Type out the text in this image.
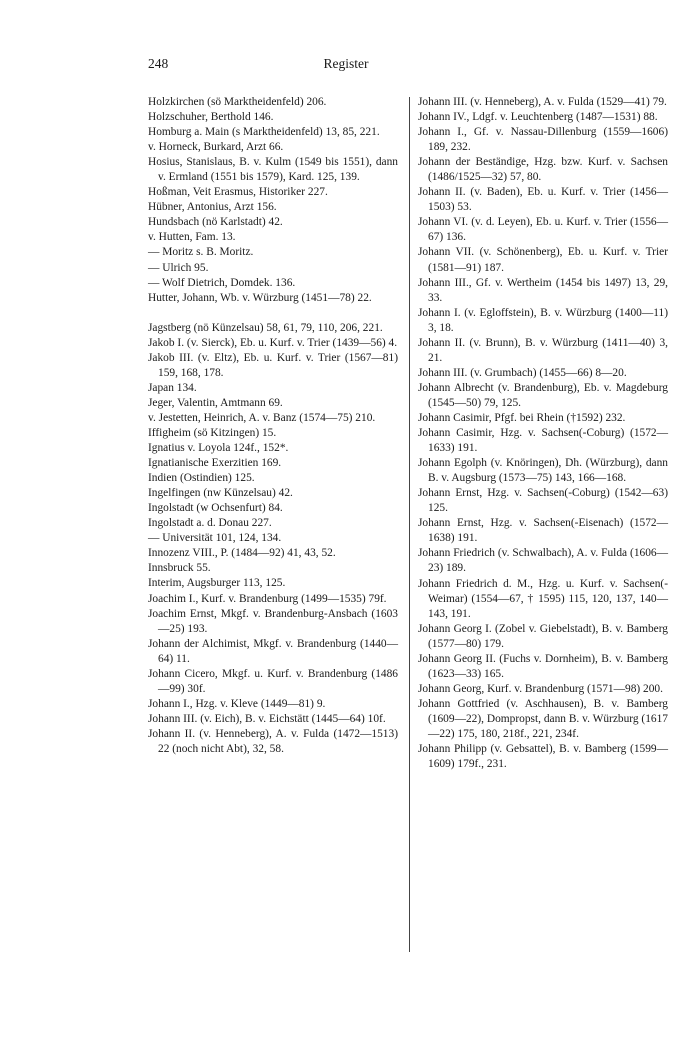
248	Register

Holzkirchen (sö Marktheidenfeld) 206.

Holzschuher, Berthold 146.

Homburg a. Main (s Marktheidenfeld) 13, 85, 221.

v. Horneck, Burkard, Arzt 66.

Hosius, Stanislaus, B. v. Kulm (1549 bis 1551), dann v. Ermland (1551 bis 1579), Kard. 125, 139.

Hoßman, Veit Erasmus, Historiker 227.

Hübner, Antonius, Arzt 156.

Hundsbach (nö Karlstadt) 42.

v. Hutten, Fam. 13.

— Moritz s. B. Moritz.

— Ulrich 95.

— Wolf Dietrich, Domdek. 136.

Hutter, Johann, Wb. v. Würzburg (1451—78) 22.

Jagstberg (nö Künzelsau) 58, 61, 79, 110, 206, 221.

Jakob I. (v. Sierck), Eb. u. Kurf. v. Trier (1439—56) 4.

Jakob III. (v. Eltz), Eb. u. Kurf. v. Trier (1567—81) 159, 168, 178.

Japan 134.

Jeger, Valentin, Amtmann 69.

v. Jestetten, Heinrich, A. v. Banz (1574—75) 210.

Iffigheim (sö Kitzingen) 15.

Ignatius v. Loyola 124f., 152*.

Ignatianische Exerzitien 169.

Indien (Ostindien) 125.

Ingelfingen (nw Künzelsau) 42.

Ingolstadt (w Ochsenfurt) 84.

Ingolstadt a. d. Donau 227.

— Universität 101, 124, 134.

Innozenz VIII., P. (1484—92) 41, 43, 52.

Innsbruck 55.

Interim, Augsburger 113, 125.

Joachim I., Kurf. v. Brandenburg (1499—1535) 79f.

Joachim Ernst, Mkgf. v. Brandenburg-Ansbach (1603—25) 193.

Johann der Alchimist, Mkgf. v. Brandenburg (1440—64) 11.

Johann Cicero, Mkgf. u. Kurf. v. Brandenburg (1486—99) 30f.

Johann I., Hzg. v. Kleve (1449—81) 9.

Johann III. (v. Eich), B. v. Eichstätt (1445—64) 10f.

Johann II. (v. Henneberg), A. v. Fulda (1472—1513) 22 (noch nicht Abt), 32, 58.

Johann III. (v. Henneberg), A. v. Fulda (1529—41) 79.

Johann IV., Ldgf. v. Leuchtenberg (1487—1531) 88.

Johann I., Gf. v. Nassau-Dillenburg (1559—1606) 189, 232.

Johann der Beständige, Hzg. bzw. Kurf. v. Sachsen (1486/1525—32) 57, 80.

Johann II. (v. Baden), Eb. u. Kurf. v. Trier (1456—1503) 53.

Johann VI. (v. d. Leyen), Eb. u. Kurf. v. Trier (1556—67) 136.

Johann VII. (v. Schönenberg), Eb. u. Kurf. v. Trier (1581—91) 187.

Johann III., Gf. v. Wertheim (1454 bis 1497) 13, 29, 33.

Johann I. (v. Egloffstein), B. v. Würzburg (1400—11) 3, 18.

Johann II. (v. Brunn), B. v. Würzburg (1411—40) 3, 21.

Johann III. (v. Grumbach) (1455—66) 8—20.

Johann Albrecht (v. Brandenburg), Eb. v. Magdeburg (1545—50) 79, 125.

Johann Casimir, Pfgf. bei Rhein (†1592) 232.

Johann Casimir, Hzg. v. Sachsen(-Coburg) (1572—1633) 191.

Johann Egolph (v. Knöringen), Dh. (Würzburg), dann B. v. Augsburg (1573—75) 143, 166—168.

Johann Ernst, Hzg. v. Sachsen(-Coburg) (1542—63) 125.

Johann Ernst, Hzg. v. Sachsen(-Eisenach) (1572—1638) 191.

Johann Friedrich (v. Schwalbach), A. v. Fulda (1606—23) 189.

Johann Friedrich d. M., Hzg. u. Kurf. v. Sachsen(-Weimar) (1554—67, † 1595) 115, 120, 137, 140—143, 191.

Johann Georg I. (Zobel v. Giebelstadt), B. v. Bamberg (1577—80) 179.

Johann Georg II. (Fuchs v. Dornheim), B. v. Bamberg (1623—33) 165.

Johann Georg, Kurf. v. Brandenburg (1571—98) 200.

Johann Gottfried (v. Aschhausen), B. v. Bamberg (1609—22), Dompropst, dann B. v. Würzburg (1617—22) 175, 180, 218f., 221, 234f.

Johann Philipp (v. Gebsattel), B. v. Bamberg (1599—1609) 179f., 231.
